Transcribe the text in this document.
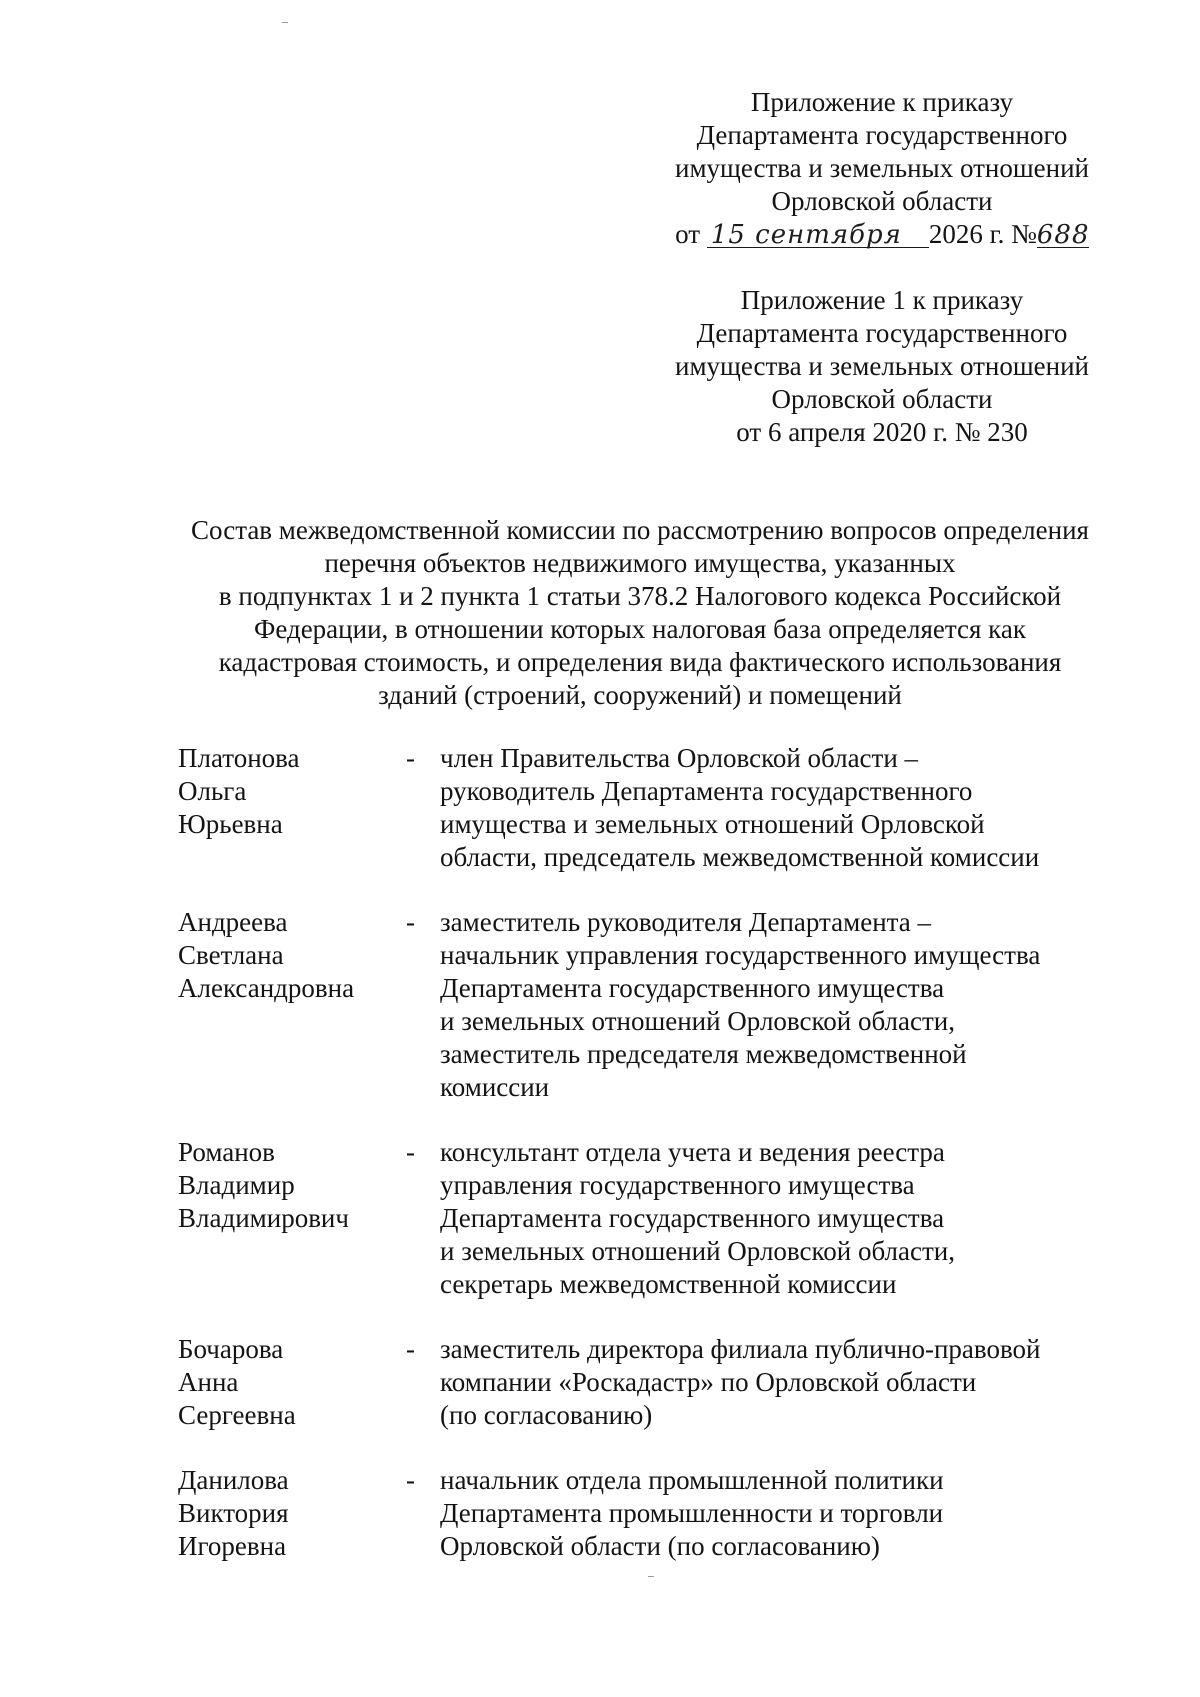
Приложение к приказу
Департамента государственного
имущества и земельных отношений
Орловской области
от 15 сентября 2026 г. №688
Приложение 1 к приказу
Департамента государственного
имущества и земельных отношений
Орловской области
от 6 апреля 2020 г. № 230
Состав межведомственной комиссии по рассмотрению вопросов определения
перечня объектов недвижимого имущества, указанных
в подпунктах 1 и 2 пункта 1 статьи 378.2 Налогового кодекса Российской
Федерации, в отношении которых налоговая база определяется как
кадастровая стоимость, и определения вида фактического использования
зданий (строений, сооружений) и помещений
Платонова
Ольга
Юрьевна
- член Правительства Орловской области –
руководитель Департамента государственного
имущества и земельных отношений Орловской
области, председатель межведомственной комиссии
Андреева
Светлана
Александровна
- заместитель руководителя Департамента –
начальник управления государственного имущества
Департамента государственного имущества
и земельных отношений Орловской области,
заместитель председателя межведомственной
комиссии
Романов
Владимир
Владимирович
- консультант отдела учета и ведения реестра
управления государственного имущества
Департамента государственного имущества
и земельных отношений Орловской области,
секретарь межведомственной комиссии
Бочарова
Анна
Сергеевна
- заместитель директора филиала публично-правовой
компании «Роскадастр» по Орловской области
(по согласованию)
Данилова
Виктория
Игоревна
- начальник отдела промышленной политики
Департамента промышленности и торговли
Орловской области (по согласованию)
